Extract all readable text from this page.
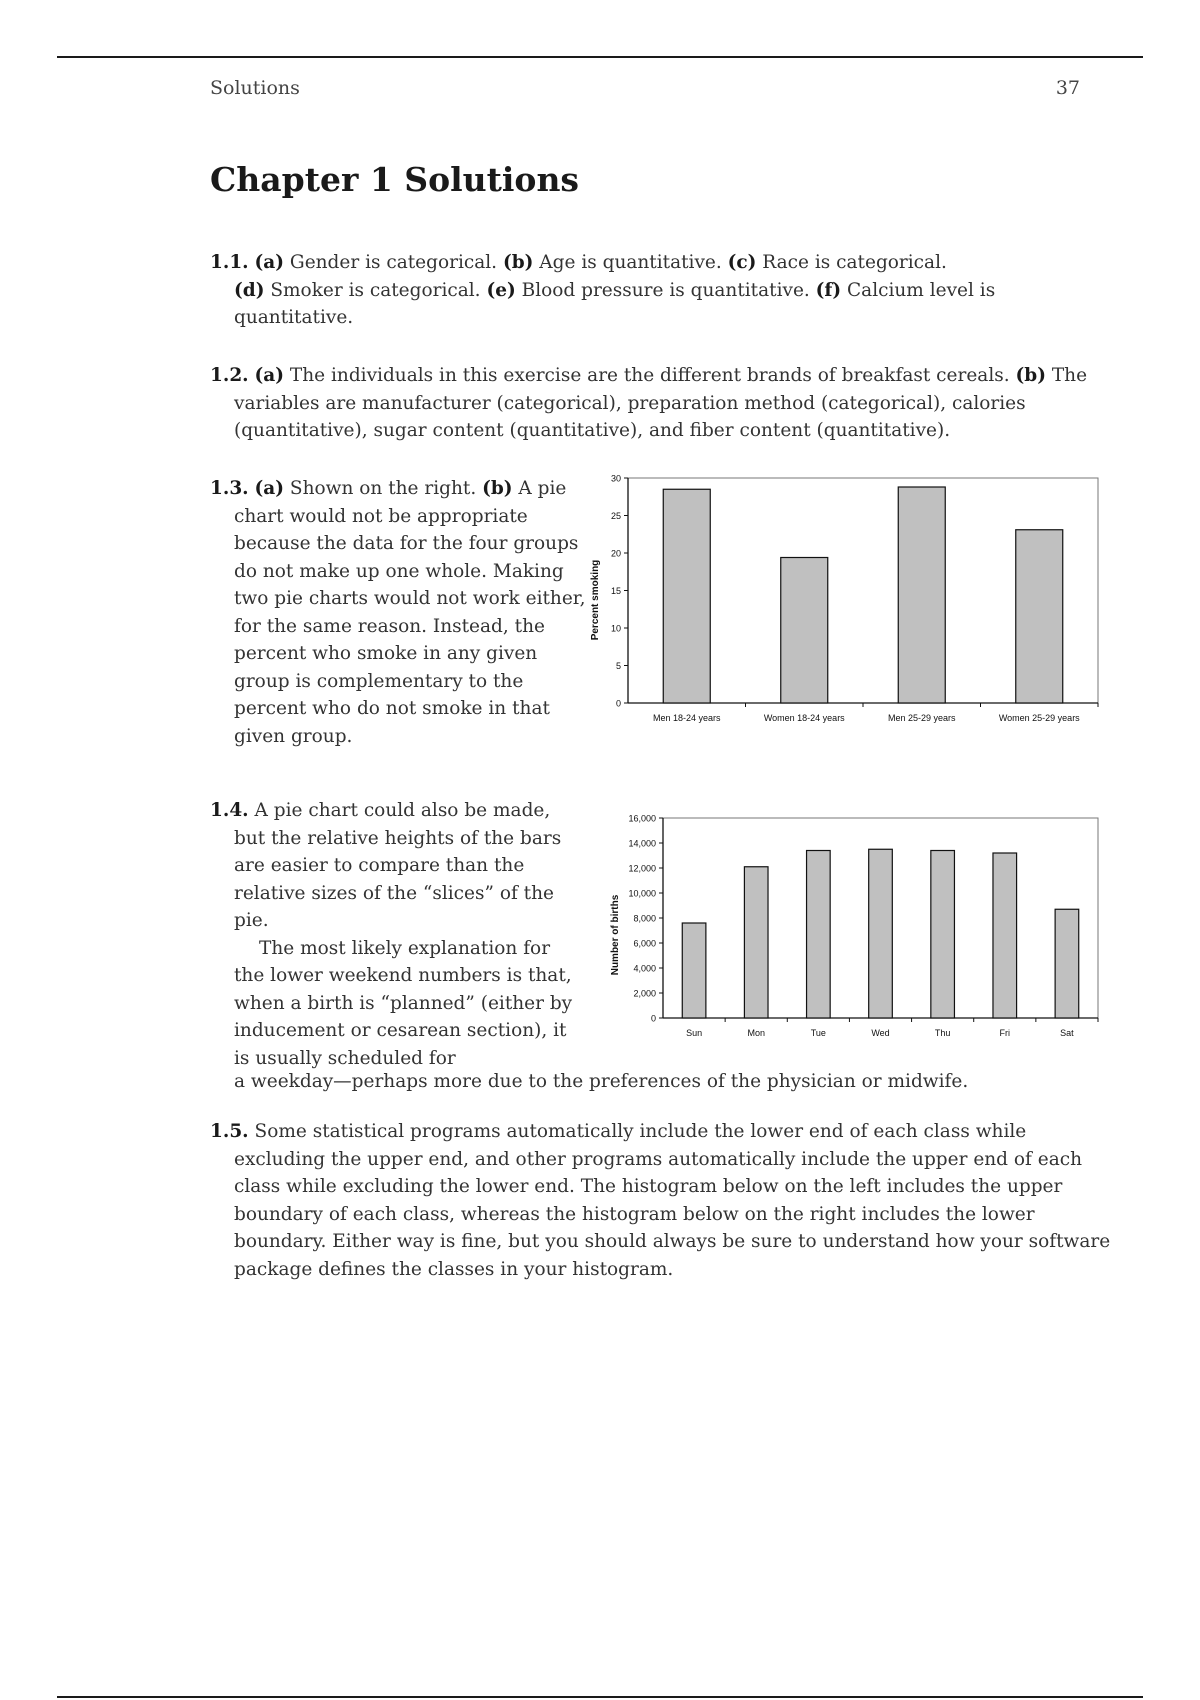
Solutions	37
Chapter 1 Solutions

1.1. (a) Gender is categorical. (b) Age is quantitative. (c) Race is categorical.
(d) Smoker is categorical. (e) Blood pressure is quantitative. (f) Calcium level is quantitative.

1.2. (a) The individuals in this exercise are the different brands of breakfast cereals. (b) The variables are manufacturer (categorical), preparation method (categorical), calories (quantitative), sugar content (quantitative), and fiber content (quantitative).

1.3. (a) Shown on the right. (b) A pie chart would not be appropriate because the data for the four groups do not make up one whole. Making two pie charts would not work either, for the same reason. Instead, the percent who smoke in any given group is complementary to the percent who do not smoke in that given group.

0
5
10
15
20
25
30
Men 18-24 years	Women 18-24 years	Men 25-29 years	Women 25-29 years
Percent smoking
1.4. A pie chart could also be made, but the relative heights of the bars are easier to compare than the relative sizes of the “slices” of the pie.
The most likely explanation for the lower weekend numbers is that, when a birth is “planned” (either by inducement or cesarean section), it is usually scheduled for

a weekday—perhaps more due to the preferences of the physician or midwife.

0
2,000
4,000
6,000
8,000
10,000
12,000
14,000
16,000
Sun	Mon	Tue	Wed	Thu	Fri	Sat
Number of births

1.5. Some statistical programs automatically include the lower end of each class while excluding the upper end, and other programs automatically include the upper end of each class while excluding the lower end. The histogram below on the left includes the upper boundary of each class, whereas the histogram below on the right includes the lower boundary. Either way is fine, but you should always be sure to understand how your software package defines the classes in your histogram.
